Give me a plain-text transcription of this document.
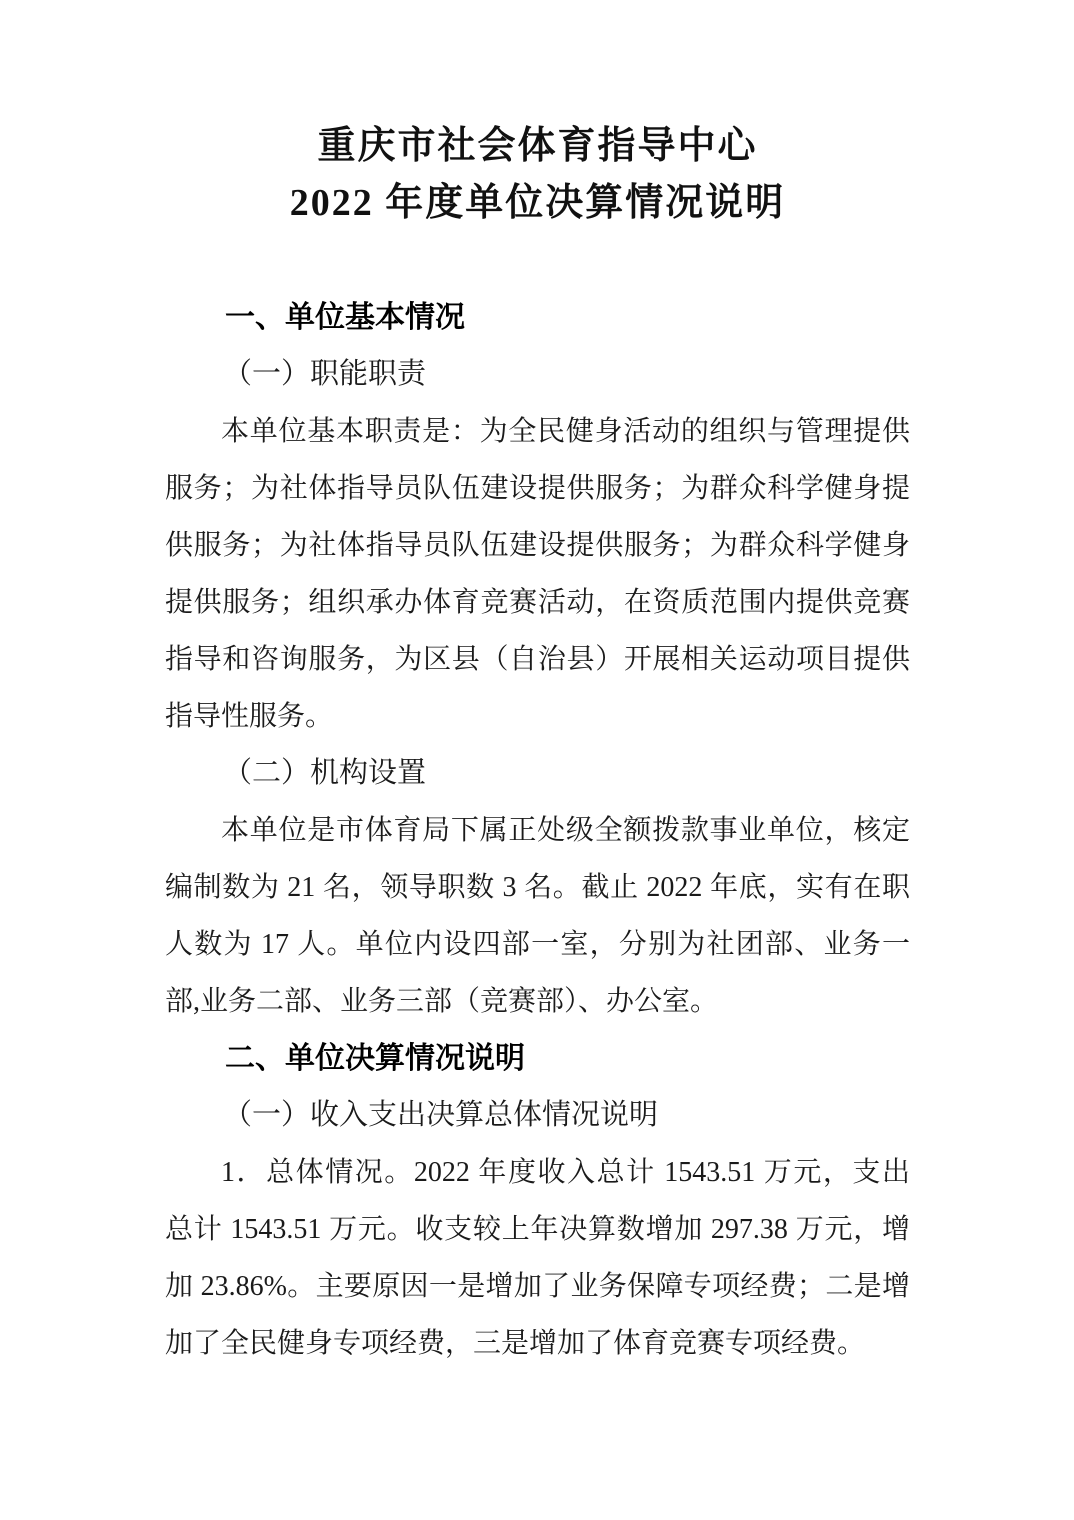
重庆市社会体育指导中心
2022 年度单位决算情况说明
一、单位基本情况
（一）职能职责
本单位基本职责是：为全民健身活动的组织与管理提供
服务；为社体指导员队伍建设提供服务；为群众科学健身提
供服务；为社体指导员队伍建设提供服务；为群众科学健身
提供服务；组织承办体育竞赛活动，在资质范围内提供竞赛
指导和咨询服务，为区县（自治县）开展相关运动项目提供
指导性服务。
（二）机构设置
本单位是市体育局下属正处级全额拨款事业单位，核定
编制数为 21 名，领导职数 3 名。截止 2022 年底，实有在职
人数为 17 人。单位内设四部一室，分别为社团部、业务一
部,业务二部、业务三部（竞赛部）、办公室。
二、单位决算情况说明
（一）收入支出决算总体情况说明
1．总体情况。2022 年度收入总计 1543.51 万元，支出
总计 1543.51 万元。收支较上年决算数增加 297.38 万元，增
加 23.86%。主要原因一是增加了业务保障专项经费；二是增
加了全民健身专项经费，三是增加了体育竞赛专项经费。
